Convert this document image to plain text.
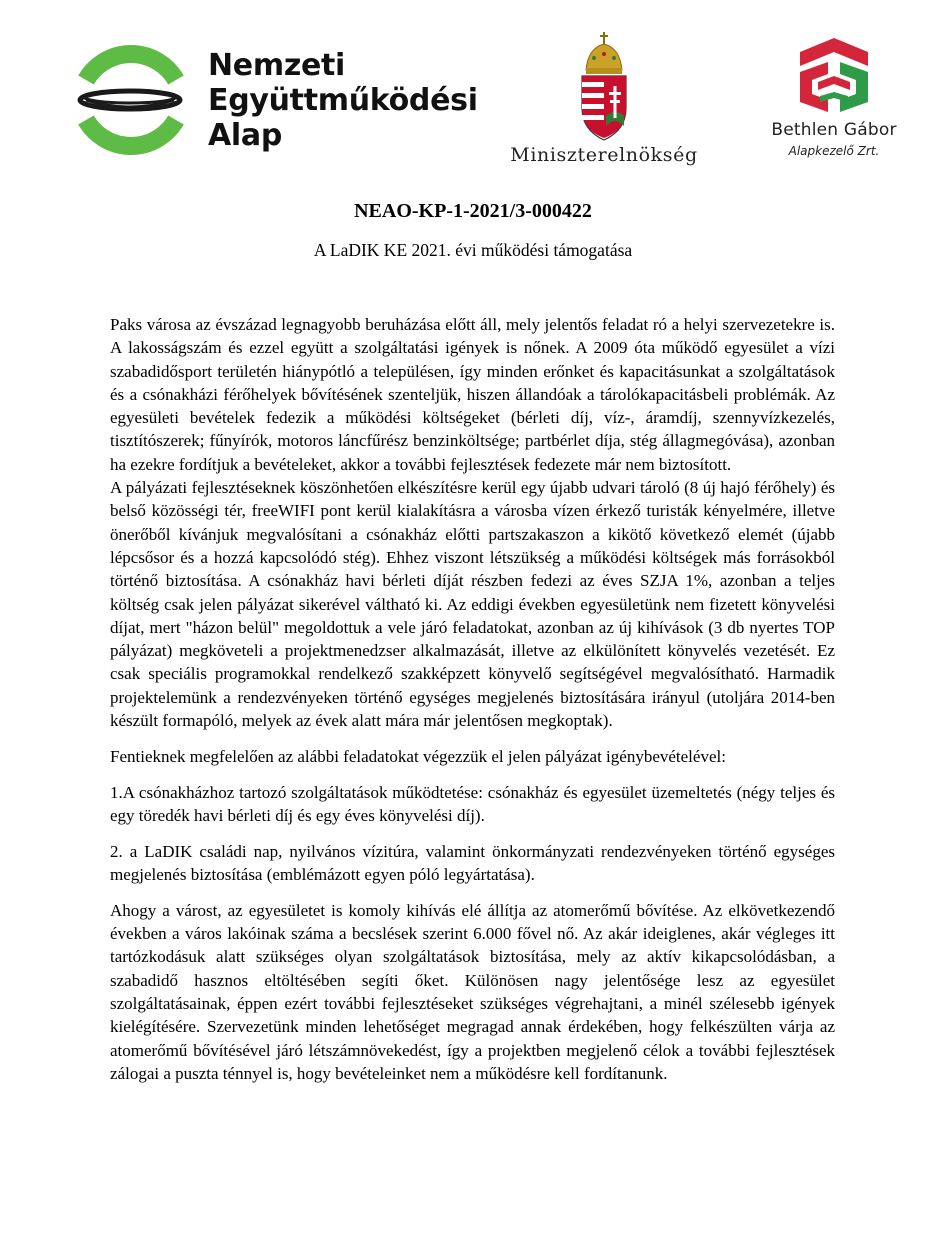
Nemzeti
Együttműködési
Alap
Miniszterelnökség
Bethlen Gábor
Alapkezelő Zrt.
NEAO-KP-1-2021/3-000422
A LaDIK KE 2021. évi működési támogatása

Paks városa az évszázad legnagyobb beruházása előtt áll, mely jelentős feladat ró a helyi szervezetekre is. A lakosságszám és ezzel együtt a szolgáltatási igények is nőnek. A 2009 óta működő egyesület a vízi szabadidősport területén hiánypótló a településen, így minden erőnket és kapacitásunkat a szolgáltatások és a csónakházi férőhelyek bővítésének szenteljük, hiszen állandóak a tárolókapacitásbeli problémák. Az egyesületi bevételek fedezik a működési költségeket (bérleti díj, víz-, áramdíj, szennyvízkezelés, tisztítószerek; fűnyírók, motoros láncfűrész benzinköltsége; partbérlet díja, stég állagmegóvása), azonban ha ezekre fordítjuk a bevételeket, akkor a további fejlesztések fedezete már nem biztosított.

A pályázati fejlesztéseknek köszönhetően elkészítésre kerül egy újabb udvari tároló (8 új hajó férőhely) és belső közösségi tér, freeWIFI pont kerül kialakításra a városba vízen érkező turisták kényelmére, illetve önerőből kívánjuk megvalósítani a csónakház előtti partszakaszon a kikötő következő elemét (újabb lépcsősor és a hozzá kapcsolódó stég). Ehhez viszont létszükség a működési költségek más forrásokból történő biztosítása. A csónakház havi bérleti díját részben fedezi az éves SZJA 1%, azonban a teljes költség csak jelen pályázat sikerével váltható ki. Az eddigi években egyesületünk nem fizetett könyvelési díjat, mert "házon belül" megoldottuk a vele járó feladatokat, azonban az új kihívások (3 db nyertes TOP pályázat) megköveteli a projektmenedzser alkalmazását, illetve az elkülönített könyvelés vezetését. Ez csak speciális programokkal rendelkező szakképzett könyvelő segítségével megvalósítható. Harmadik projektelemünk a rendezvényeken történő egységes megjelenés biztosítására irányul (utoljára 2014-ben készült formapóló, melyek az évek alatt mára már jelentősen megkoptak).

Fentieknek megfelelően az alábbi feladatokat végezzük el jelen pályázat igénybevételével:

1.A csónakházhoz tartozó szolgáltatások működtetése: csónakház és egyesület üzemeltetés (négy teljes és egy töredék havi bérleti díj és egy éves könyvelési díj).

2. a LaDIK családi nap, nyilvános vízitúra, valamint önkormányzati rendezvényeken történő egységes megjelenés biztosítása (emblémázott egyen póló legyártatása).

Ahogy a várost, az egyesületet is komoly kihívás elé állítja az atomerőmű bővítése. Az elkövetkezendő években a város lakóinak száma a becslések szerint 6.000 fővel nő. Az akár ideiglenes, akár végleges itt tartózkodásuk alatt szükséges olyan szolgáltatások biztosítása, mely az aktív kikapcsolódásban, a szabadidő hasznos eltöltésében segíti őket. Különösen nagy jelentősége lesz az egyesület szolgáltatásainak, éppen ezért további fejlesztéseket szükséges végrehajtani, a minél szélesebb igények kielégítésére. Szervezetünk minden lehetőséget megragad annak érdekében, hogy felkészülten várja az atomerőmű bővítésével járó létszámnövekedést, így a projektben megjelenő célok a további fejlesztések zálogai a puszta ténnyel is, hogy bevételeinket nem a működésre kell fordítanunk.
